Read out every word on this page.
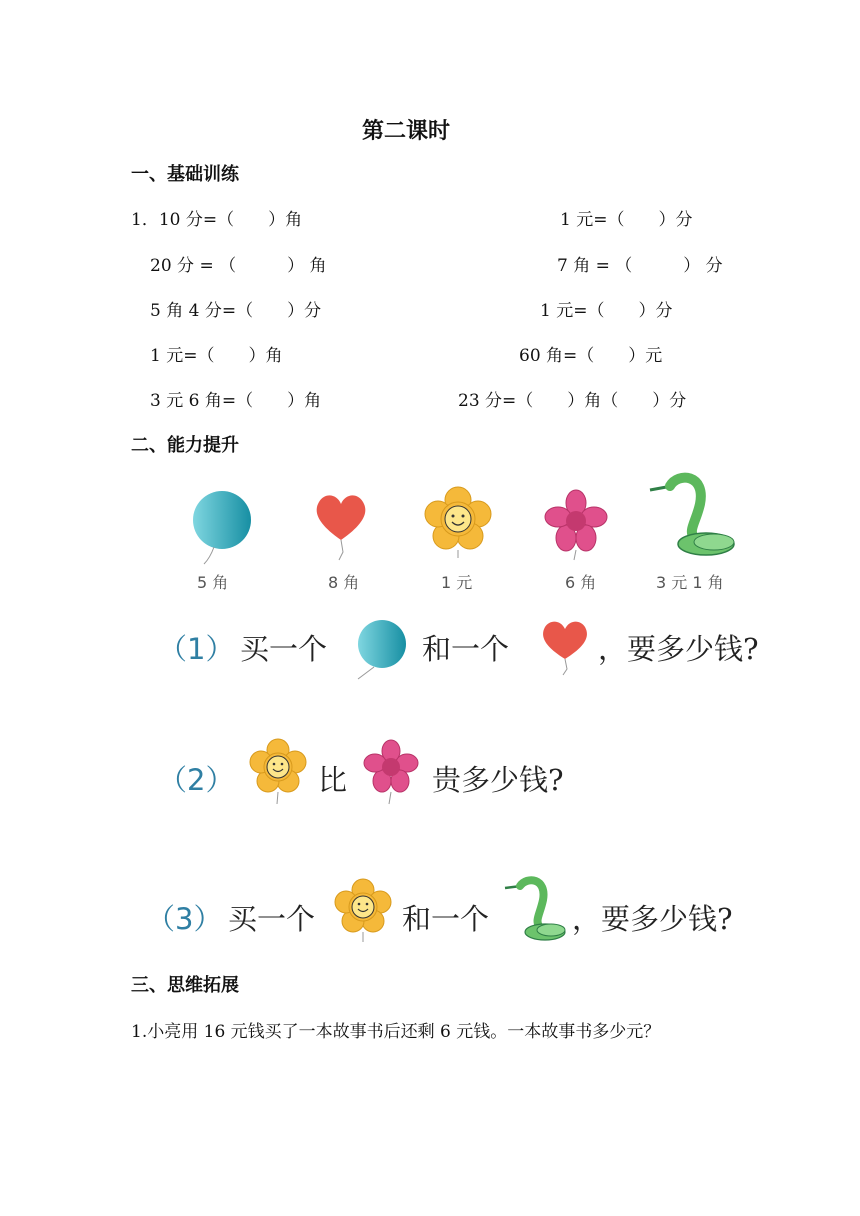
第二课时
一、基础训练
1．10 分=（　　）角	1 元=（　　）分
20 分 = （　　　） 角	7 角 = （　　　） 分
5 角 4 分=（　　）分	1 元=（　　）分
1 元=（　　）角	60 角=（　　）元
3 元 6 角=（　　）角	23 分=（　　）角（　　）分
二、能力提升
5 角	8 角	1 元	6 角	3 元 1 角
（1） 买一个	和一个	，要多少钱?
（2）	比	贵多少钱?
（3） 买一个	和一个	，要多少钱?
三、思维拓展
1.小亮用 16 元钱买了一本故事书后还剩 6 元钱。一本故事书多少元？
